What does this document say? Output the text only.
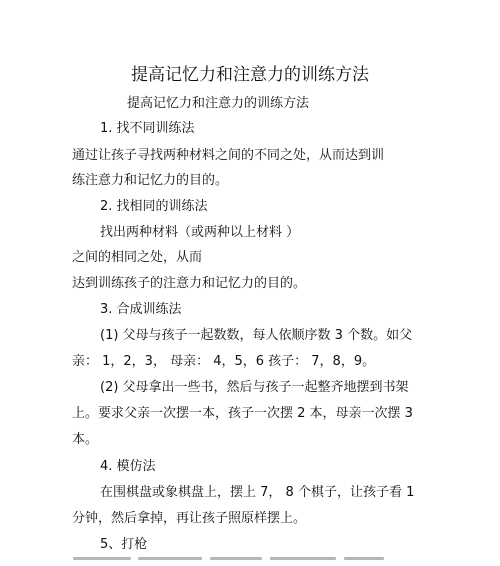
提高记忆力和注意力的训练方法

提高记忆力和注意力的训练方法

1. 找不同训练法

通过让孩子寻找两种材料之间的不同之处，从而达到训

练注意力和记忆力的目的。

2. 找相同的训练法

找出两种材料（或两种以上材料 ）

之间的相同之处，从而

达到训练孩子的注意力和记忆力的目的。

3. 合成训练法

(1) 父母与孩子一起数数，每人依顺序数 3 个数。如父

亲： 1，2，3， 母亲： 4，5，6 孩子： 7，8，9。

(2) 父母拿出一些书，然后与孩子一起整齐地摆到书架

上。要求父亲一次摆一本，孩子一次摆 2 本，母亲一次摆 3

本。

4. 模仿法

在围棋盘或象棋盘上，摆上 7， 8 个棋子，让孩子看 1

分钟，然后拿掉，再让孩子照原样摆上。

5、打枪
